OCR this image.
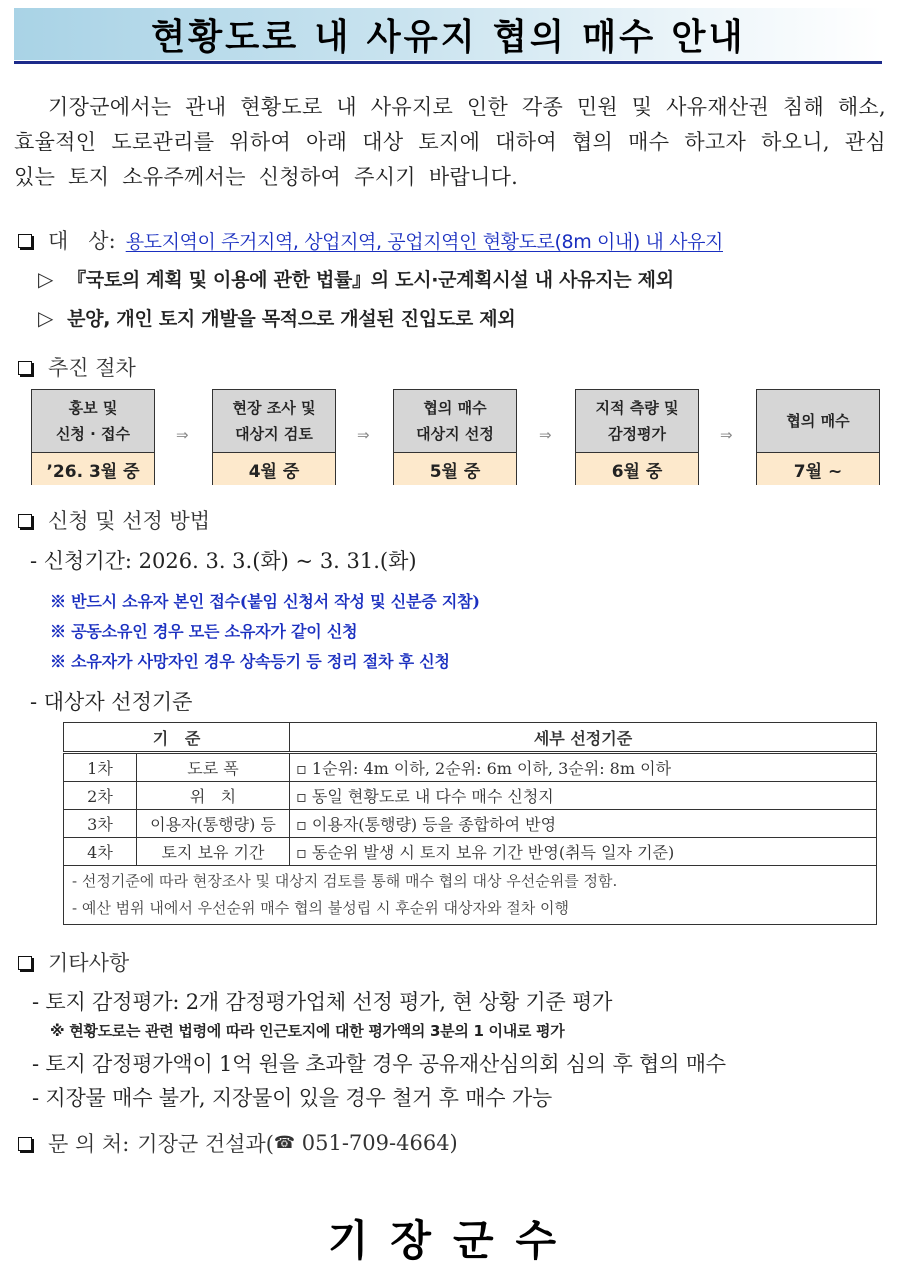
현황도로 내 사유지 협의 매수 안내

기장군에서는 관내 현황도로 내 사유지로 인한 각종 민원 및 사유재산권 침해 해소, 효율적인 도로관리를 위하여 아래 대상 토지에 대하여 협의 매수 하고자 하오니, 관심 있는 토지 소유주께서는 신청하여 주시기 바랍니다.

대   상: 용도지역이 주거지역, 상업지역, 공업지역인 현황도로(8m 이내) 내 사유지
▷ 『국토의 계획 및 이용에 관한 법률』의 도시·군계획시설 내 사유지는 제외
▷ 분양, 개인 토지 개발을 목적으로 개설된 진입도로 제외
추진 절차
홍보 및
신청 · 접수
’26. 3월 중
⇒
현장 조사 및
대상지 검토
4월 중
⇒
협의 매수
대상지 선정
5월 중
⇒
지적 측량 및
감정평가
6월 중
⇒
협의 매수
7월 ~
신청 및 선정 방법
- 신청기간: 2026. 3. 3.(화) ~ 3. 31.(화)
※ 반드시 소유자 본인 접수(붙임 신청서 작성 및 신분증 지참)
※ 공동소유인 경우 모든 소유자가 같이 신청
※ 소유자가 사망자인 경우 상속등기 등 정리 절차 후 신청
- 대상자 선정기준
기   준		세부 선정기준
1차	도로 폭	▫ 1순위: 4m 이하, 2순위: 6m 이하, 3순위: 8m 이하
2차	위   치	▫ 동일 현황도로 내 다수 매수 신청지
3차	이용자(통행량) 등	▫ 이용자(통행량) 등을 종합하여 반영
4차	토지 보유 기간	▫ 동순위 발생 시 토지 보유 기간 반영(취득 일자 기준)

- 선정기준에 따라 현장조사 및 대상지 검토를 통해 매수 협의 대상 우선순위를 정함.
- 예산 범위 내에서 우선순위 매수 협의 불성립 시 후순위 대상자와 절차 이행		
기타사항
- 토지 감정평가: 2개 감정평가업체 선정 평가, 현 상황 기준 평가
※ 현황도로는 관련 법령에 따라 인근토지에 대한 평가액의 3분의 1 이내로 평가
- 토지 감정평가액이 1억 원을 초과할 경우 공유재산심의회 심의 후 협의 매수
- 지장물 매수 불가, 지장물이 있을 경우 철거 후 매수 가능
문 의 처: 기장군 건설과( ☎ 051-709-4664)
기장군수
